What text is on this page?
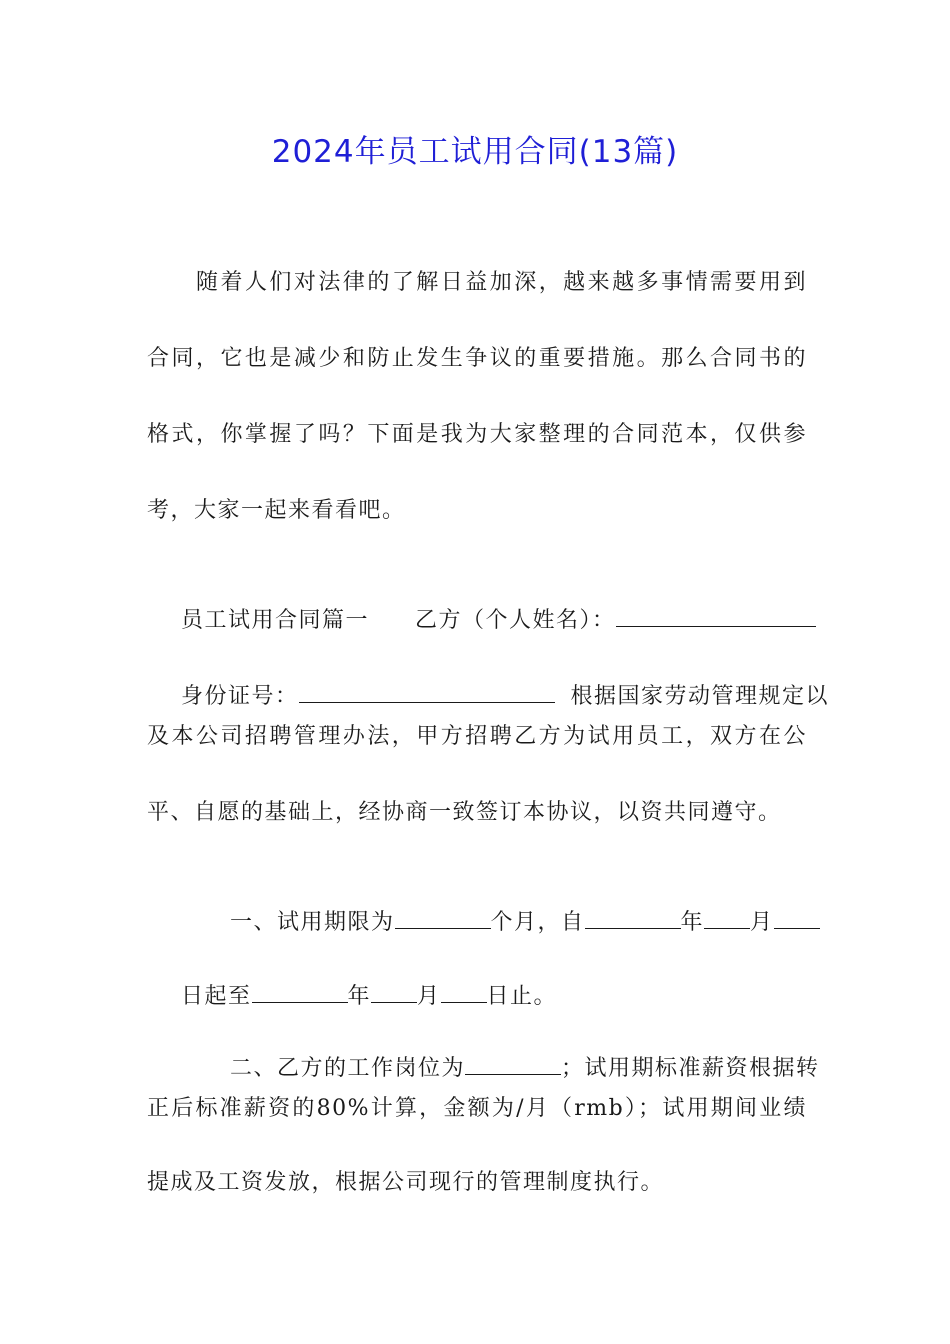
2024年员工试用合同(13篇)
随着人们对法律的了解日益加深，越来越多事情需要用到
合同，它也是减少和防止发生争议的重要措施。那么合同书的
格式，你掌握了吗？下面是我为大家整理的合同范本，仅供参
考，大家一起来看看吧。

员工试用合同篇一 乙方（个人姓名）：

身份证号：	根据国家劳动管理规定以

及本公司招聘管理办法，甲方招聘乙方为试用员工，双方在公
平、自愿的基础上，经协商一致签订本协议，以资共同遵守。

一、试用期限为	个月，自	年 月

日起至	年 月 日止。

二、乙方的工作岗位为	；试用期标准薪资根据转

正后标准薪资的80%计算，金额为/月（rmb）；试用期间业绩
提成及工资发放，根据公司现行的管理制度执行。
